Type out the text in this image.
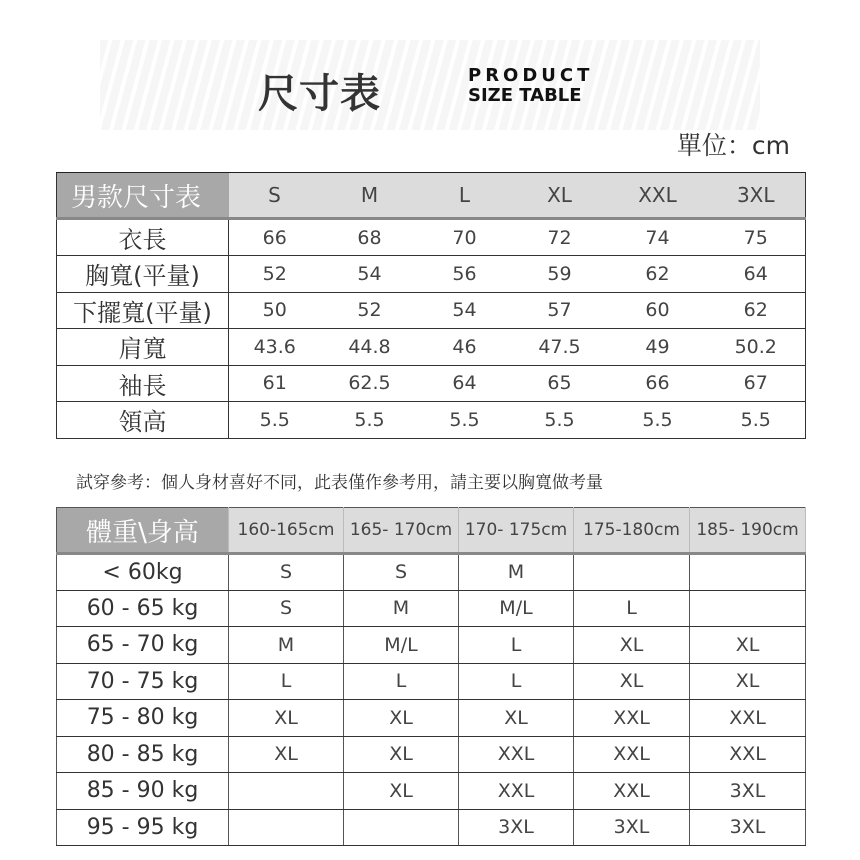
尺寸表	PRODUCT
SIZE TABLE
單位：cm
男款尺寸表	S	M	L	XL	XXL	3XL
衣長	66	68	70	72	74	75
胸寬(平量)	52	54	56	59	62	64
下擺寬(平量)	50	52	54	57	60	62
肩寬	43.6	44.8	46	47.5	49	50.2
袖長	61	62.5	64	65	66	67
領高	5.5	5.5	5.5	5.5	5.5	5.5
試穿參考：個人身材喜好不同，此表僅作參考用，請主要以胸寬做考量
體重\身高	160-165cm	165- 170cm	170- 175cm	175-180cm	185- 190cm
< 60kg	S	S	M		
60 - 65 kg	S	M	M/L	L	
65 - 70 kg	M	M/L	L	XL	XL
70 - 75 kg	L	L	L	XL	XL
75 - 80 kg	XL	XL	XL	XXL	XXL
80 - 85 kg	XL	XL	XXL	XXL	XXL
85 - 90 kg		XL	XXL	XXL	3XL
95 - 95 kg			3XL	3XL	3XL
